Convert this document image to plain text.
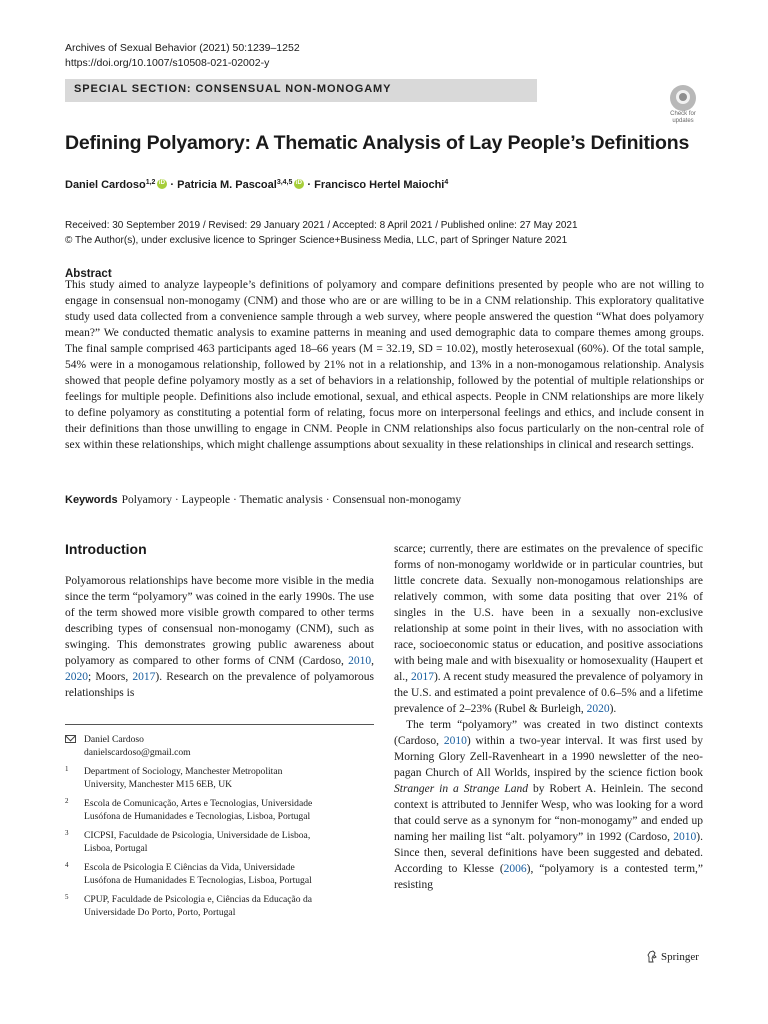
Archives of Sexual Behavior (2021) 50:1239–1252
https://doi.org/10.1007/s10508-021-02002-y
SPECIAL SECTION: CONSENSUAL NON-MONOGAMY
Check for
updates
Defining Polyamory: A Thematic Analysis of Lay People’s Definitions
Daniel Cardoso$^{1,2}$ iD · Patricia M. Pascoal$^{3,4,5}$ iD · Francisco Hertel Maiochi$^4$
Received: 30 September 2019 / Revised: 29 January 2021 / Accepted: 8 April 2021 / Published online: 27 May 2021
© The Author(s), under exclusive licence to Springer Science+Business Media, LLC, part of Springer Nature 2021
Abstract
This study aimed to analyze laypeople’s definitions of polyamory and compare definitions presented by people who are not willing to engage in consensual non-monogamy (CNM) and those who are or are willing to be in a CNM relationship. This exploratory qualitative study used data collected from a convenience sample through a web survey, where people answered the question “What does polyamory mean?” We conducted thematic analysis to examine patterns in meaning and used demographic data to compare themes among groups. The final sample comprised 463 participants aged 18–66 years (M = 32.19, SD = 10.02), mostly heterosexual (60%). Of the total sample, 54% were in a monogamous relationship, followed by 21% not in a relationship, and 13% in a non-monogamous relationship. Analysis showed that people define polyamory mostly as a set of behaviors in a relationship, followed by the potential of multiple relationships or feelings for multiple people. Definitions also include emotional, sexual, and ethical aspects. People in CNM relationships are more likely to define polyamory as constituting a potential form of relating, focus more on interpersonal feelings and ethics, and include consent in their definitions than those unwilling to engage in CNM. People in CNM relationships also focus particularly on the non-central role of sex within these relationships, which might challenge assumptions about sexuality in these relationships in clinical and research settings.
Keywords Polyamory · Laypeople · Thematic analysis · Consensual non-monogamy
Introduction
Polyamorous relationships have become more visible in the media since the term “polyamory” was coined in the early 1990s. The use of the term showed more visible growth compared to other terms describing types of consensual non-monogamy (CNM), such as swinging. This demonstrates growing public awareness about polyamory as compared to other forms of CNM (Cardoso, 2010, 2020; Moors, 2017). Research on the prevalence of polyamorous relationships is

scarce; currently, there are estimates on the prevalence of specific forms of non-monogamy worldwide or in particular countries, but little concrete data. Sexually non-monogamous relationships are relatively common, with some data positing that over 21% of singles in the U.S. have been in a sexually non-exclusive relationship at some point in their lives, with no association with race, socioeconomic status or education, and positive associations with being male and with bisexuality or homosexuality (Haupert et al., 2017). A recent study measured the prevalence of polyamory in the U.S. and estimated a point prevalence of 0.6–5% and a lifetime prevalence of 2–23% (Rubel & Burleigh, 2020).

The term “polyamory” was created in two distinct contexts (Cardoso, 2010) within a two-year interval. It was first used by Morning Glory Zell-Ravenheart in a 1990 newsletter of the neo-pagan Church of All Worlds, inspired by the science fiction book Stranger in a Strange Land by Robert A. Heinlein. The second context is attributed to Jennifer Wesp, who was looking for a word that could serve as a synonym for “non-monogamy” and ended up naming her mailing list “alt. polyamory” in 1992 (Cardoso, 2010). Since then, several definitions have been suggested and debated. According to Klesse (2006), “polyamory is a contested term,” resisting

Daniel Cardoso
danielscardoso@gmail.com
1 Department of Sociology, Manchester Metropolitan
University, Manchester M15 6EB, UK
2 Escola de Comunicação, Artes e Tecnologias, Universidade
Lusófona de Humanidades e Tecnologias, Lisboa, Portugal
3 CICPSI, Faculdade de Psicologia, Universidade de Lisboa,
Lisboa, Portugal
4 Escola de Psicologia E Ciências da Vida, Universidade
Lusófona de Humanidades E Tecnologias, Lisboa, Portugal
5 CPUP, Faculdade de Psicologia e, Ciências da Educação da
Universidade Do Porto, Porto, Portugal
Springer
